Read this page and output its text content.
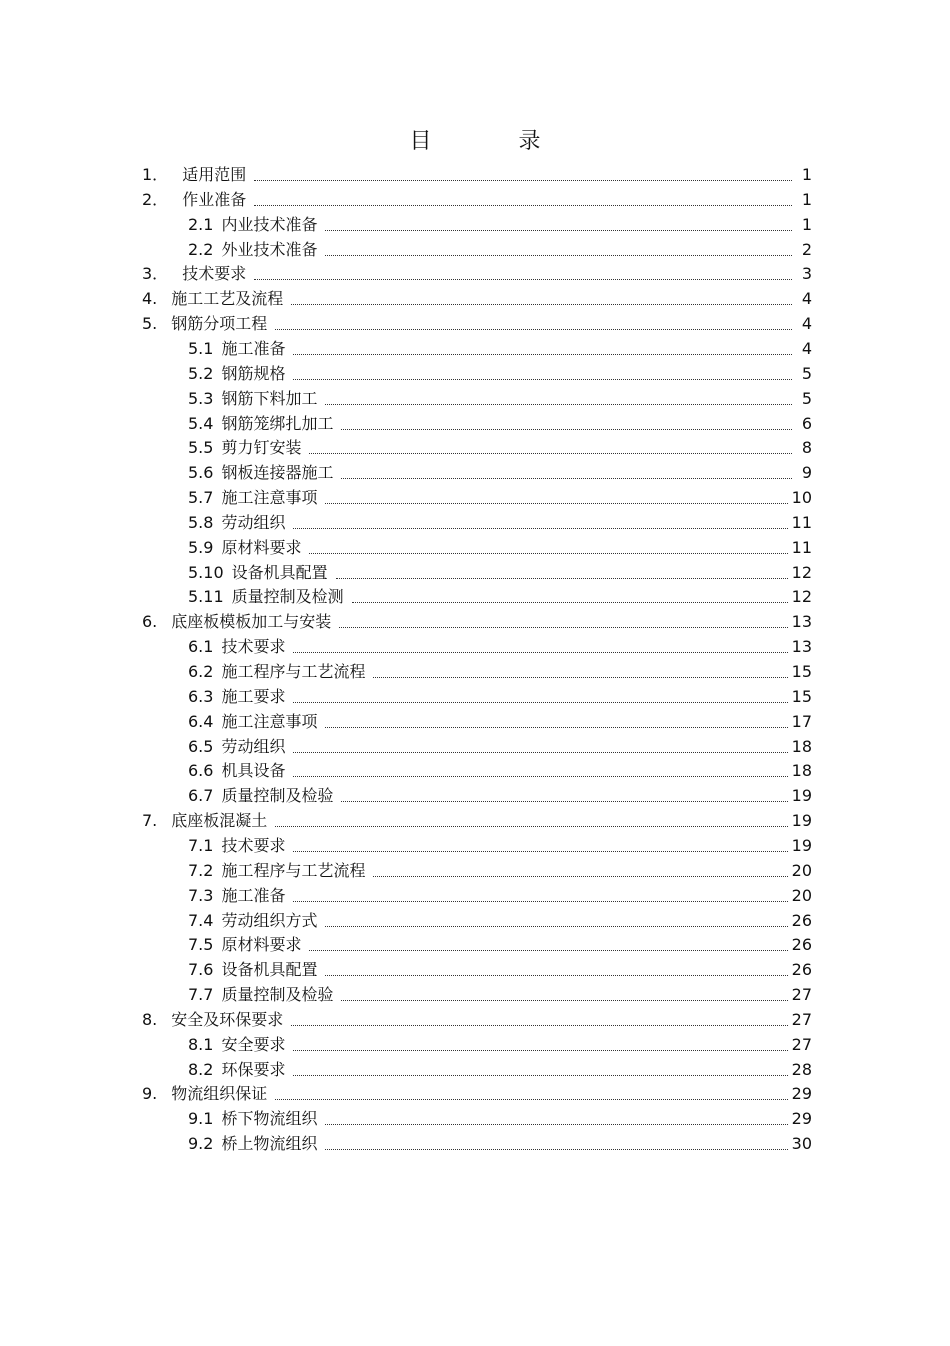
目 录
1． 适用范围	1
2． 作业准备	1
2.1 内业技术准备	1
2.2 外业技术准备	2
3． 技术要求	3
4. 施工工艺及流程	4
5. 钢筋分项工程	4
5.1 施工准备	4
5.2 钢筋规格	5
5.3 钢筋下料加工	5
5.4 钢筋笼绑扎加工	6
5.5 剪力钉安装	8
5.6 钢板连接器施工	9
5.7 施工注意事项	10
5.8 劳动组织	11
5.9 原材料要求	11
5.10 设备机具配置	12
5.11 质量控制及检测	12
6. 底座板模板加工与安装	13
6.1 技术要求	13
6.2 施工程序与工艺流程	15
6.3 施工要求	15
6.4 施工注意事项	17
6.5 劳动组织	18
6.6 机具设备	18
6.7 质量控制及检验	19
7. 底座板混凝土	19
7.1 技术要求	19
7.2 施工程序与工艺流程	20
7.3 施工准备	20
7.4 劳动组织方式	26
7.5 原材料要求	26
7.6 设备机具配置	26
7.7 质量控制及检验	27
8. 安全及环保要求	27
8.1 安全要求	27
8.2 环保要求	28
9. 物流组织保证	29
9.1 桥下物流组织	29
9.2 桥上物流组织	30
